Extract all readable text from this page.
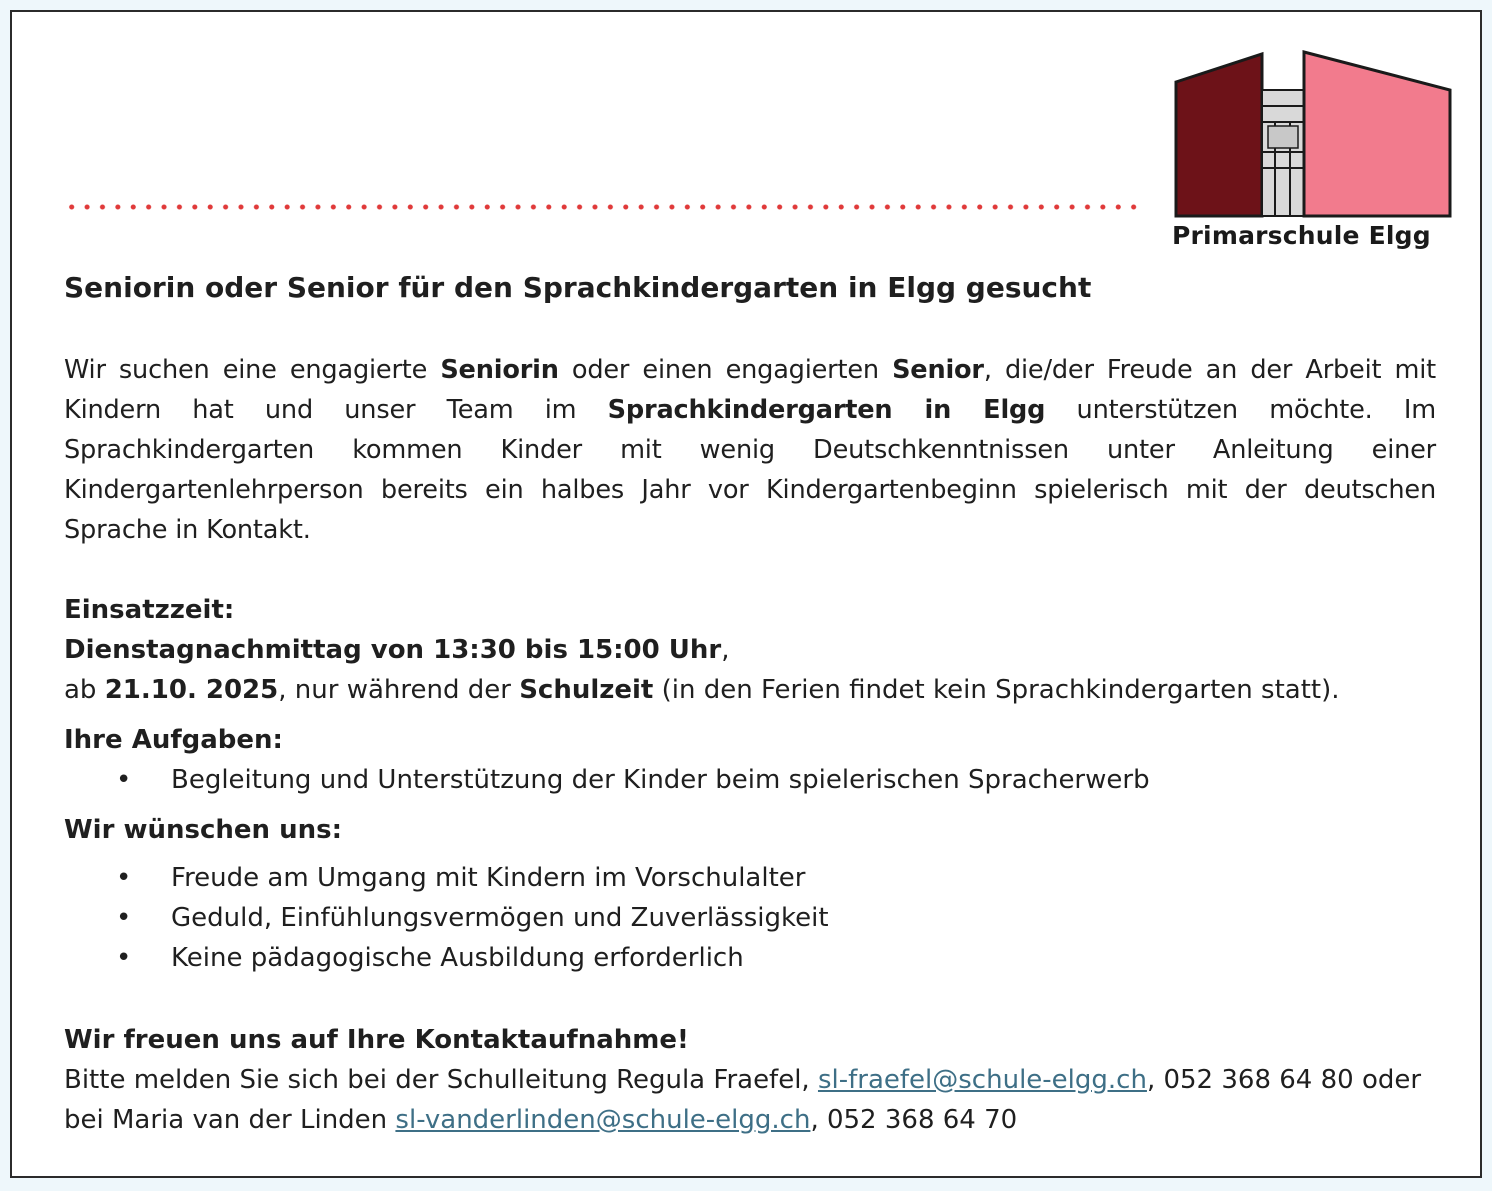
Primarschule Elgg

Seniorin oder Senior für den Sprachkindergarten in Elgg gesucht

Wir suchen eine engagierte Seniorin oder einen engagierten Senior, die/der Freude an der Arbeit mit Kindern hat und unser Team im Sprachkindergarten in Elgg unterstützen möchte. Im Sprachkindergarten kommen Kinder mit wenig Deutschkenntnissen unter Anleitung einer Kindergartenlehrperson bereits ein halbes Jahr vor Kindergartenbeginn spielerisch mit der deutschen Sprache in Kontakt.

Einsatzzeit:

Dienstagnachmittag von 13:30 bis 15:00 Uhr,

ab 21.10. 2025, nur während der Schulzeit (in den Ferien findet kein Sprachkindergarten statt).

Ihre Aufgaben:

• Begleitung und Unterstützung der Kinder beim spielerischen Spracherwerb

Wir wünschen uns:

• Freude am Umgang mit Kindern im Vorschulalter
• Geduld, Einfühlungsvermögen und Zuverlässigkeit
• Keine pädagogische Ausbildung erforderlich

Wir freuen uns auf Ihre Kontaktaufnahme!

Bitte melden Sie sich bei der Schulleitung Regula Fraefel, sl-fraefel@schule-elgg.ch, 052 368 64 80 oder bei Maria van der Linden sl-vanderlinden@schule-elgg.ch, 052 368 64 70
